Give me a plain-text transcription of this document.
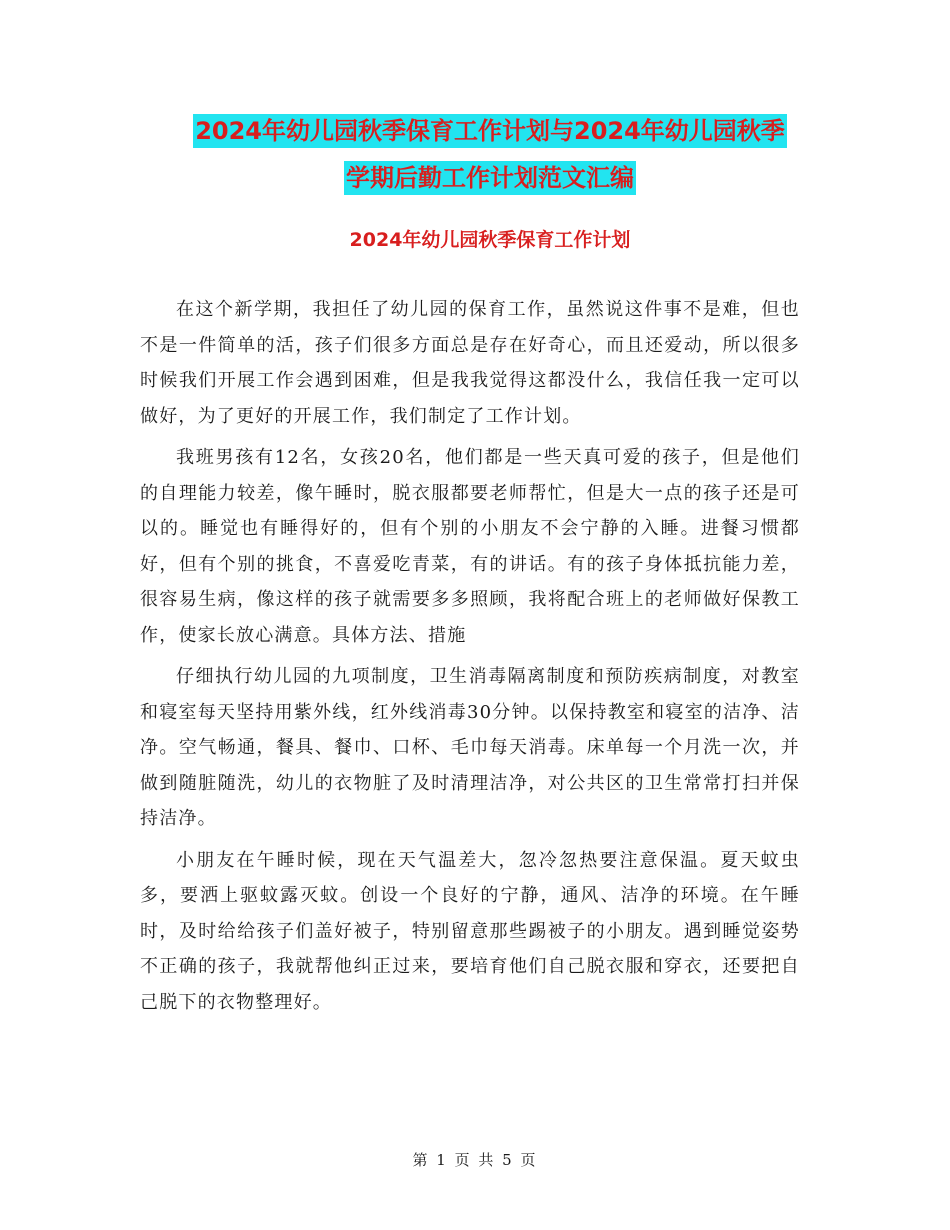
2024年幼儿园秋季保育工作计划与2024年幼儿园秋季
学期后勤工作计划范文汇编
2024年幼儿园秋季保育工作计划

在这个新学期，我担任了幼儿园的保育工作，虽然说这件事不是难，但也不是一件简单的活，孩子们很多方面总是存在好奇心，而且还爱动，所以很多时候我们开展工作会遇到困难，但是我我觉得这都没什么，我信任我一定可以做好，为了更好的开展工作，我们制定了工作计划。

我班男孩有12名，女孩20名，他们都是一些天真可爱的孩子，但是他们的自理能力较差，像午睡时，脱衣服都要老师帮忙，但是大一点的孩子还是可以的。睡觉也有睡得好的，但有个别的小朋友不会宁静的入睡。进餐习惯都好，但有个别的挑食，不喜爱吃青菜，有的讲话。有的孩子身体抵抗能力差，很容易生病，像这样的孩子就需要多多照顾，我将配合班上的老师做好保教工作，使家长放心满意。具体方法、措施

仔细执行幼儿园的九项制度，卫生消毒隔离制度和预防疾病制度，对教室和寝室每天坚持用紫外线，红外线消毒30分钟。以保持教室和寝室的洁净、洁净。空气畅通，餐具、餐巾、口杯、毛巾每天消毒。床单每一个月洗一次，并做到随脏随洗，幼儿的衣物脏了及时清理洁净，对公共区的卫生常常打扫并保持洁净。

小朋友在午睡时候，现在天气温差大，忽冷忽热要注意保温。夏天蚊虫多，要洒上驱蚊露灭蚊。创设一个良好的宁静，通风、洁净的环境。在午睡时，及时给给孩子们盖好被子，特别留意那些踢被子的小朋友。遇到睡觉姿势不正确的孩子，我就帮他纠正过来，要培育他们自己脱衣服和穿衣，还要把自己脱下的衣物整理好。

第 1 页 共 5 页
